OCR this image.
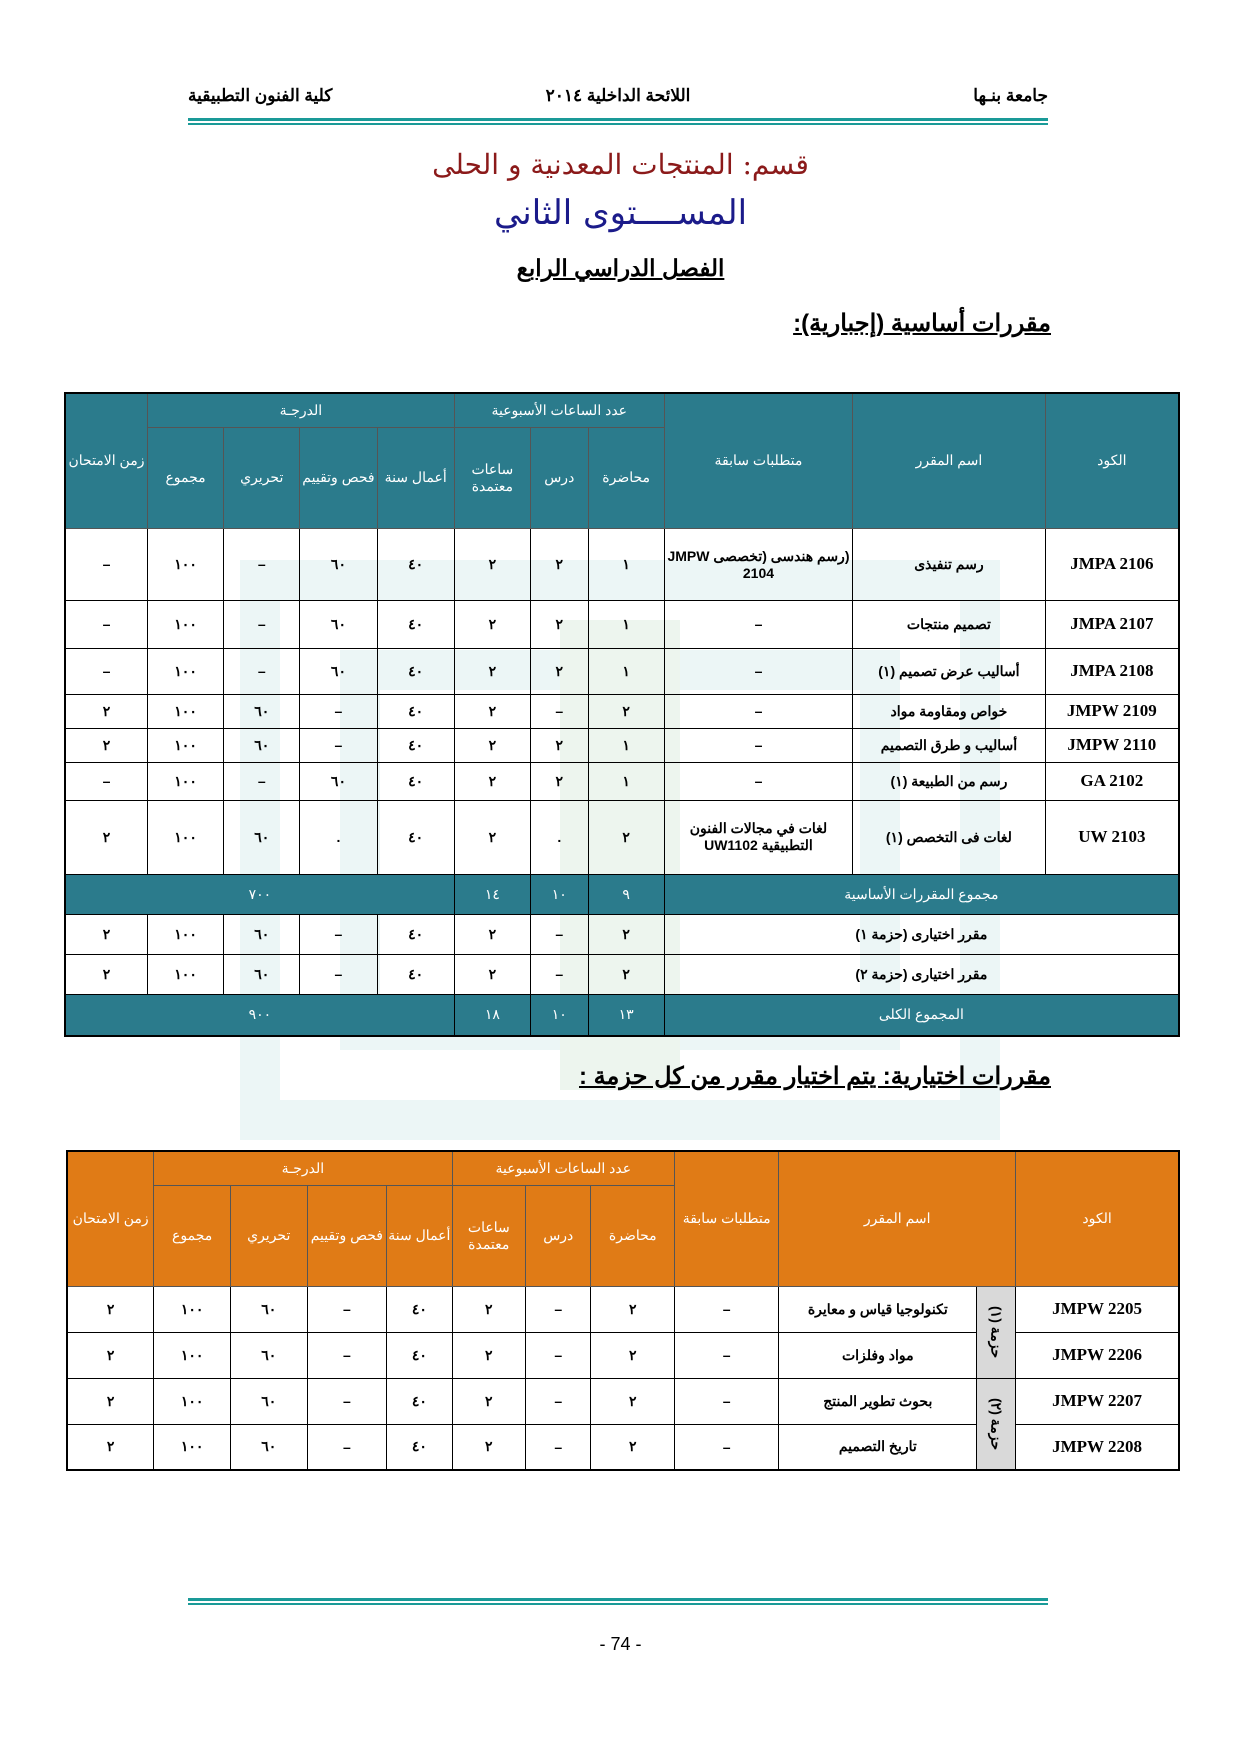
جامعة بنـها
اللائحة الداخلية ٢٠١٤
كلية الفنون التطبيقية
قسم: المنتجات المعدنية و الحلى
المســــتوى الثاني
الفصل الدراسي الرابع
مقررات أساسية (إجبارية):
الكود	اسم المقرر	متطلبات سابقة	عدد الساعات الأسبوعية			الدرجـة				زمن الامتحان
			محاضرة	درس	ساعات معتمدة	أعمال سنة	فحص وتقييم	تحريري	مجموع	
JMPA 2106	رسم تنفيذى	(رسم هندسى (تخصصى JMPW 2104	١	٢	٢	٤٠	٦٠	–	١٠٠	–
JMPA 2107	تصميم منتجات	–	١	٢	٢	٤٠	٦٠	–	١٠٠	–
JMPA 2108	أساليب عرض تصميم (١)	–	١	٢	٢	٤٠	٦٠	–	١٠٠	–
JMPW 2109	خواص ومقاومة مواد	–	٢	–	٢	٤٠	–	٦٠	١٠٠	٢
JMPW 2110	أساليب و طرق التصميم	–	١	٢	٢	٤٠	–	٦٠	١٠٠	٢
GA 2102	رسم من الطبيعة (١)	–	١	٢	٢	٤٠	٦٠	–	١٠٠	–
UW 2103	لغات فى التخصص (١)	لغات في مجالات الفنون التطبيقية UW1102	٢	.	٢	٤٠	.	٦٠	١٠٠	٢
مجموع المقررات الأساسية			٩	١٠	١٤	٧٠٠				
مقرر اختيارى (حزمة ١)			٢	–	٢	٤٠	–	٦٠	١٠٠	٢
مقرر اختيارى (حزمة ٢)			٢	–	٢	٤٠	–	٦٠	١٠٠	٢
المجموع الكلى			١٣	١٠	١٨	٩٠٠				
مقررات اختيارية: يتم اختيار مقرر من كل حزمة :
الكود	اسم المقرر		متطلبات سابقة	عدد الساعات الأسبوعية			الدرجـة				زمن الامتحان
				محاضرة	درس	ساعات معتمدة	أعمال سنة	فحص وتقييم	تحريري	مجموع	
JMPW 2205	حزمة (١)	تكنولوجيا قياس و معايرة	–	٢	–	٢	٤٠	–	٦٠	١٠٠	٢
JMPW 2206		مواد وفلزات	–	٢	–	٢	٤٠	–	٦٠	١٠٠	٢
JMPW 2207	حزمة (٢)	بحوث تطوير المنتج	–	٢	–	٢	٤٠	–	٦٠	١٠٠	٢
JMPW 2208		تاريخ التصميم	–	٢	–	٢	٤٠	–	٦٠	١٠٠	٢
- 74 -
